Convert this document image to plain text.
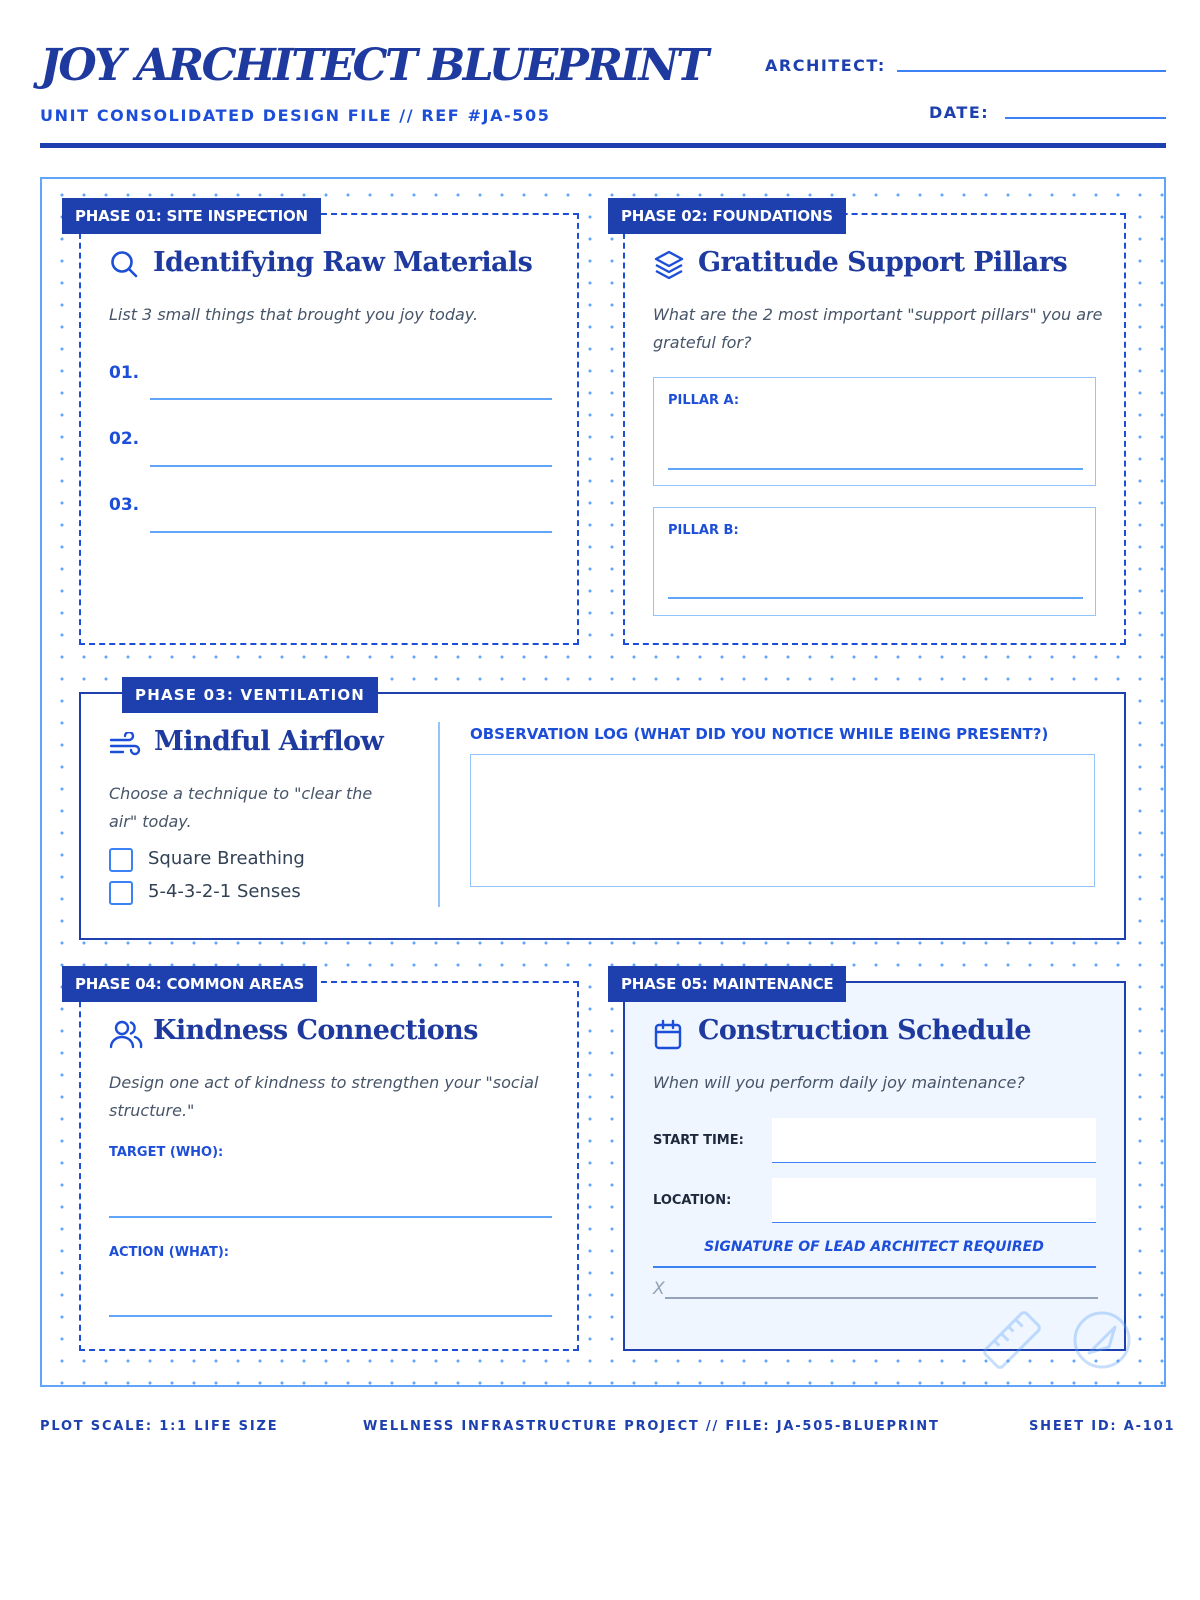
JOY ARCHITECT BLUEPRINT
UNIT CONSOLIDATED DESIGN FILE // REF #JA-505
ARCHITECT:
DATE:
Identifying Raw Materials
List 3 small things that brought you joy today.
01.
02.
03.
PHASE 01: SITE INSPECTION
Gratitude Support Pillars
What are the 2 most important "support pillars" you are grateful for?
PILLAR A:
PILLAR B:
PHASE 02: FOUNDATIONS
Mindful Airflow
Choose a technique to "clear the air" today.
Square Breathing
5-4-3-2-1 Senses
OBSERVATION LOG (WHAT DID YOU NOTICE WHILE BEING PRESENT?)
PHASE 03: VENTILATION
Kindness Connections
Design one act of kindness to strengthen your "social structure."
TARGET (WHO):
ACTION (WHAT):
PHASE 04: COMMON AREAS
Construction Schedule
When will you perform daily joy maintenance?
START TIME:
LOCATION:
SIGNATURE OF LEAD ARCHITECT REQUIRED
X
PHASE 05: MAINTENANCE
PLOT SCALE: 1:1 LIFE SIZE	WELLNESS INFRASTRUCTURE PROJECT // FILE: JA-505-BLUEPRINT	SHEET ID: A-101
